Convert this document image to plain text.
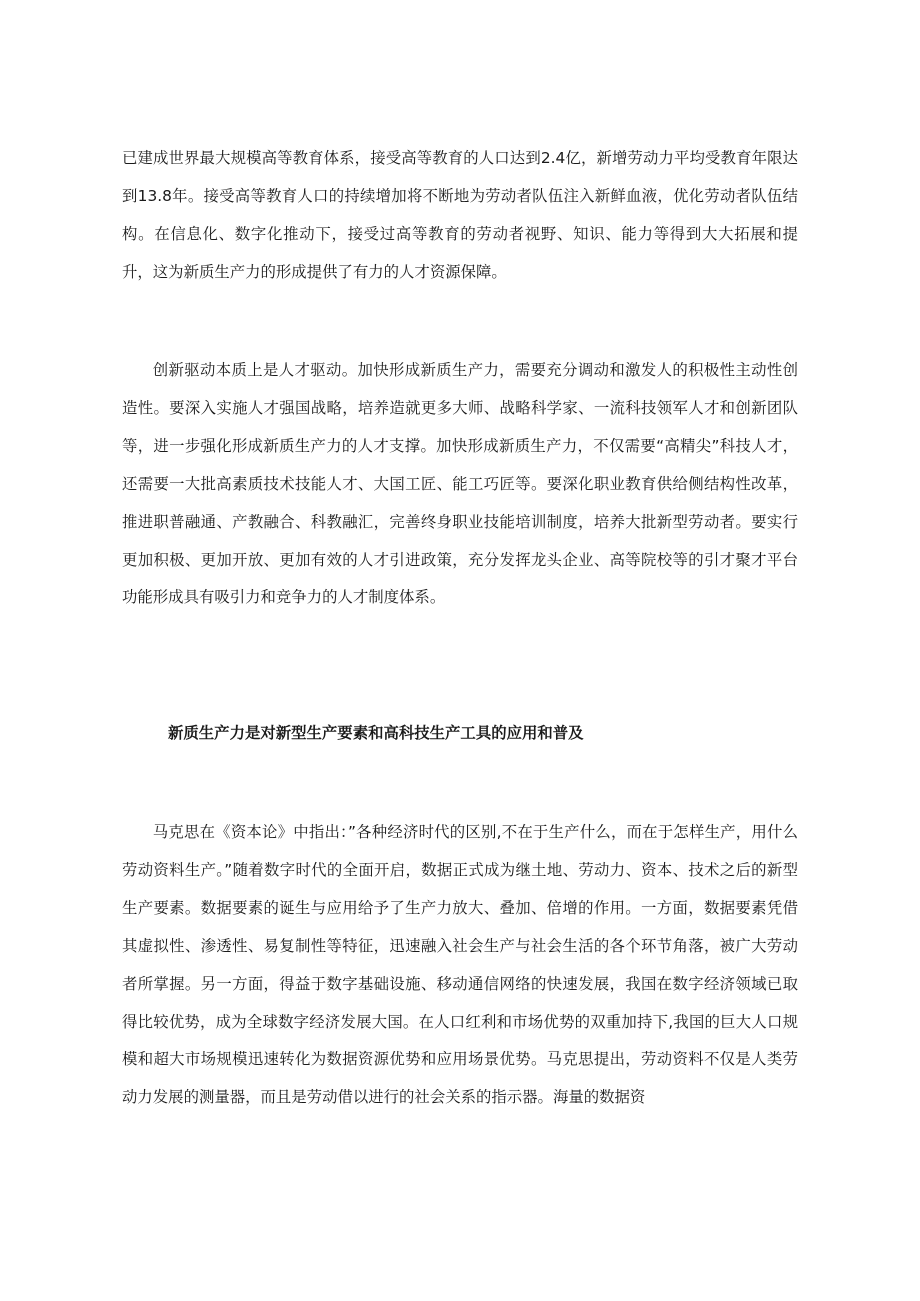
已建成世界最大规模高等教育体系，接受高等教育的人口达到2.4亿，新增劳动力平均受教育年限达到13.8年。接受高等教育人口的持续增加将不断地为劳动者队伍注入新鲜血液，优化劳动者队伍结构。在信息化、数字化推动下，接受过高等教育的劳动者视野、知识、能力等得到大大拓展和提升，这为新质生产力的形成提供了有力的人才资源保障。

创新驱动本质上是人才驱动。加快形成新质生产力，需要充分调动和激发人的积极性主动性创造性。要深入实施人才强国战略，培养造就更多大师、战略科学家、一流科技领军人才和创新团队等，进一步强化形成新质生产力的人才支撑。加快形成新质生产力，不仅需要“高精尖”科技人才，还需要一大批高素质技术技能人才、大国工匠、能工巧匠等。要深化职业教育供给侧结构性改革，推进职普融通、产教融合、科教融汇，完善终身职业技能培训制度，培养大批新型劳动者。要实行更加积极、更加开放、更加有效的人才引进政策，充分发挥龙头企业、高等院校等的引才聚才平台功能形成具有吸引力和竞争力的人才制度体系。

新质生产力是对新型生产要素和高科技生产工具的应用和普及

马克思在《资本论》中指出：”各种经济时代的区别,不在于生产什么，而在于怎样生产，用什么劳动资料生产。”随着数字时代的全面开启，数据正式成为继土地、劳动力、资本、技术之后的新型生产要素。数据要素的诞生与应用给予了生产力放大、叠加、倍增的作用。一方面，数据要素凭借其虚拟性、渗透性、易复制性等特征，迅速融入社会生产与社会生活的各个环节角落，被广大劳动者所掌握。另一方面，得益于数字基础设施、移动通信网络的快速发展，我国在数字经济领域已取得比较优势，成为全球数字经济发展大国。在人口红利和市场优势的双重加持下,我国的巨大人口规模和超大市场规模迅速转化为数据资源优势和应用场景优势。马克思提出，劳动资料不仅是人类劳动力发展的测量器，而且是劳动借以进行的社会关系的指示器。海量的数据资
